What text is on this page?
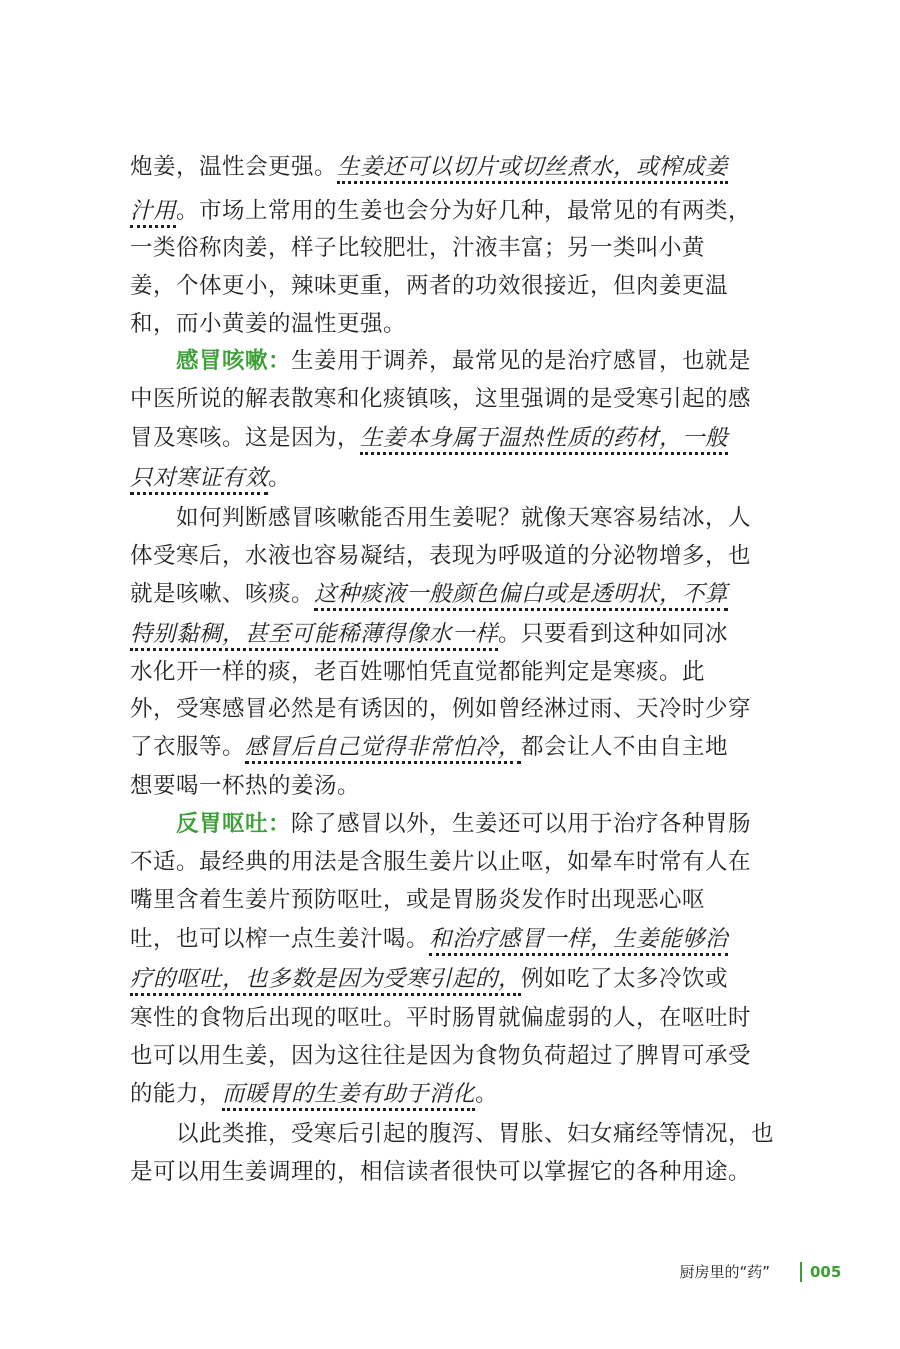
炮姜，温性会更强。生姜还可以切片或切丝煮水，或榨成姜
汁用。市场上常用的生姜也会分为好几种，最常见的有两类，
一类俗称肉姜，样子比较肥壮，汁液丰富；另一类叫小黄
姜，个体更小，辣味更重，两者的功效很接近，但肉姜更温
和，而小黄姜的温性更强。
感冒咳嗽：生姜用于调养，最常见的是治疗感冒，也就是
中医所说的解表散寒和化痰镇咳，这里强调的是受寒引起的感
冒及寒咳。这是因为，生姜本身属于温热性质的药材，一般
只对寒证有效。
如何判断感冒咳嗽能否用生姜呢？就像天寒容易结冰，人
体受寒后，水液也容易凝结，表现为呼吸道的分泌物增多，也
就是咳嗽、咳痰。这种痰液一般颜色偏白或是透明状，不算
特别黏稠，甚至可能稀薄得像水一样。只要看到这种如同冰
水化开一样的痰，老百姓哪怕凭直觉都能判定是寒痰。此
外，受寒感冒必然是有诱因的，例如曾经淋过雨、天冷时少穿
了衣服等。感冒后自己觉得非常怕冷，都会让人不由自主地
想要喝一杯热的姜汤。
反胃呕吐：除了感冒以外，生姜还可以用于治疗各种胃肠
不适。最经典的用法是含服生姜片以止呕，如晕车时常有人在
嘴里含着生姜片预防呕吐，或是胃肠炎发作时出现恶心呕
吐，也可以榨一点生姜汁喝。和治疗感冒一样，生姜能够治
疗的呕吐，也多数是因为受寒引起的，例如吃了太多冷饮或
寒性的食物后出现的呕吐。平时肠胃就偏虚弱的人，在呕吐时
也可以用生姜，因为这往往是因为食物负荷超过了脾胃可承受
的能力，而暖胃的生姜有助于消化。
以此类推，受寒后引起的腹泻、胃胀、妇女痛经等情况，也
是可以用生姜调理的，相信读者很快可以掌握它的各种用途。
厨房里的“药”	005
